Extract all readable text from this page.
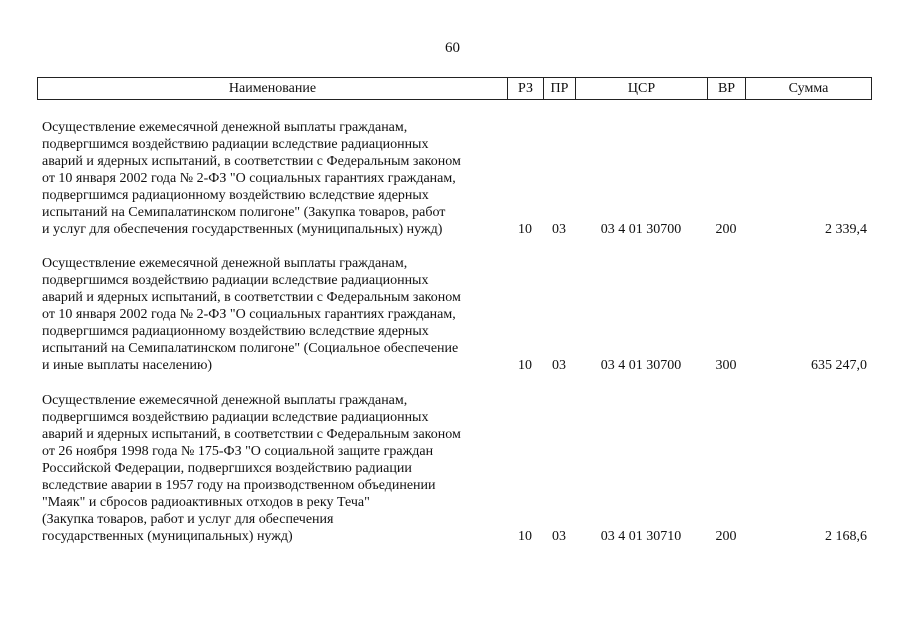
60
Наименование	РЗ	ПР	ЦСР	ВР	Сумма
Осуществление ежемесячной денежной выплаты гражданам,
подвергшимся воздействию радиации вследствие радиационных
аварий и ядерных испытаний, в соответствии с Федеральным законом
от 10 января 2002 года № 2-ФЗ "О социальных гарантиях гражданам,
подвергшимся радиационному воздействию вследствие ядерных
испытаний на Семипалатинском полигоне" (Закупка товаров, работ
и услуг для обеспечения государственных (муниципальных) нужд)	10	03	03 4 01 30700	200	2 339,4
Осуществление ежемесячной денежной выплаты гражданам,
подвергшимся воздействию радиации вследствие радиационных
аварий и ядерных испытаний, в соответствии с Федеральным законом
от 10 января 2002 года № 2-ФЗ "О социальных гарантиях гражданам,
подвергшимся радиационному воздействию вследствие ядерных
испытаний на Семипалатинском полигоне" (Социальное обеспечение
и иные выплаты населению)	10	03	03 4 01 30700	300	635 247,0
Осуществление ежемесячной денежной выплаты гражданам,
подвергшимся воздействию радиации вследствие радиационных
аварий и ядерных испытаний, в соответствии с Федеральным законом
от 26 ноября 1998 года № 175-ФЗ "О социальной защите граждан
Российской Федерации, подвергшихся воздействию радиации
вследствие аварии в 1957 году на производственном объединении
"Маяк" и сбросов радиоактивных отходов в реку Теча"
(Закупка товаров, работ и услуг для обеспечения
государственных (муниципальных) нужд)	10	03	03 4 01 30710	200	2 168,6
